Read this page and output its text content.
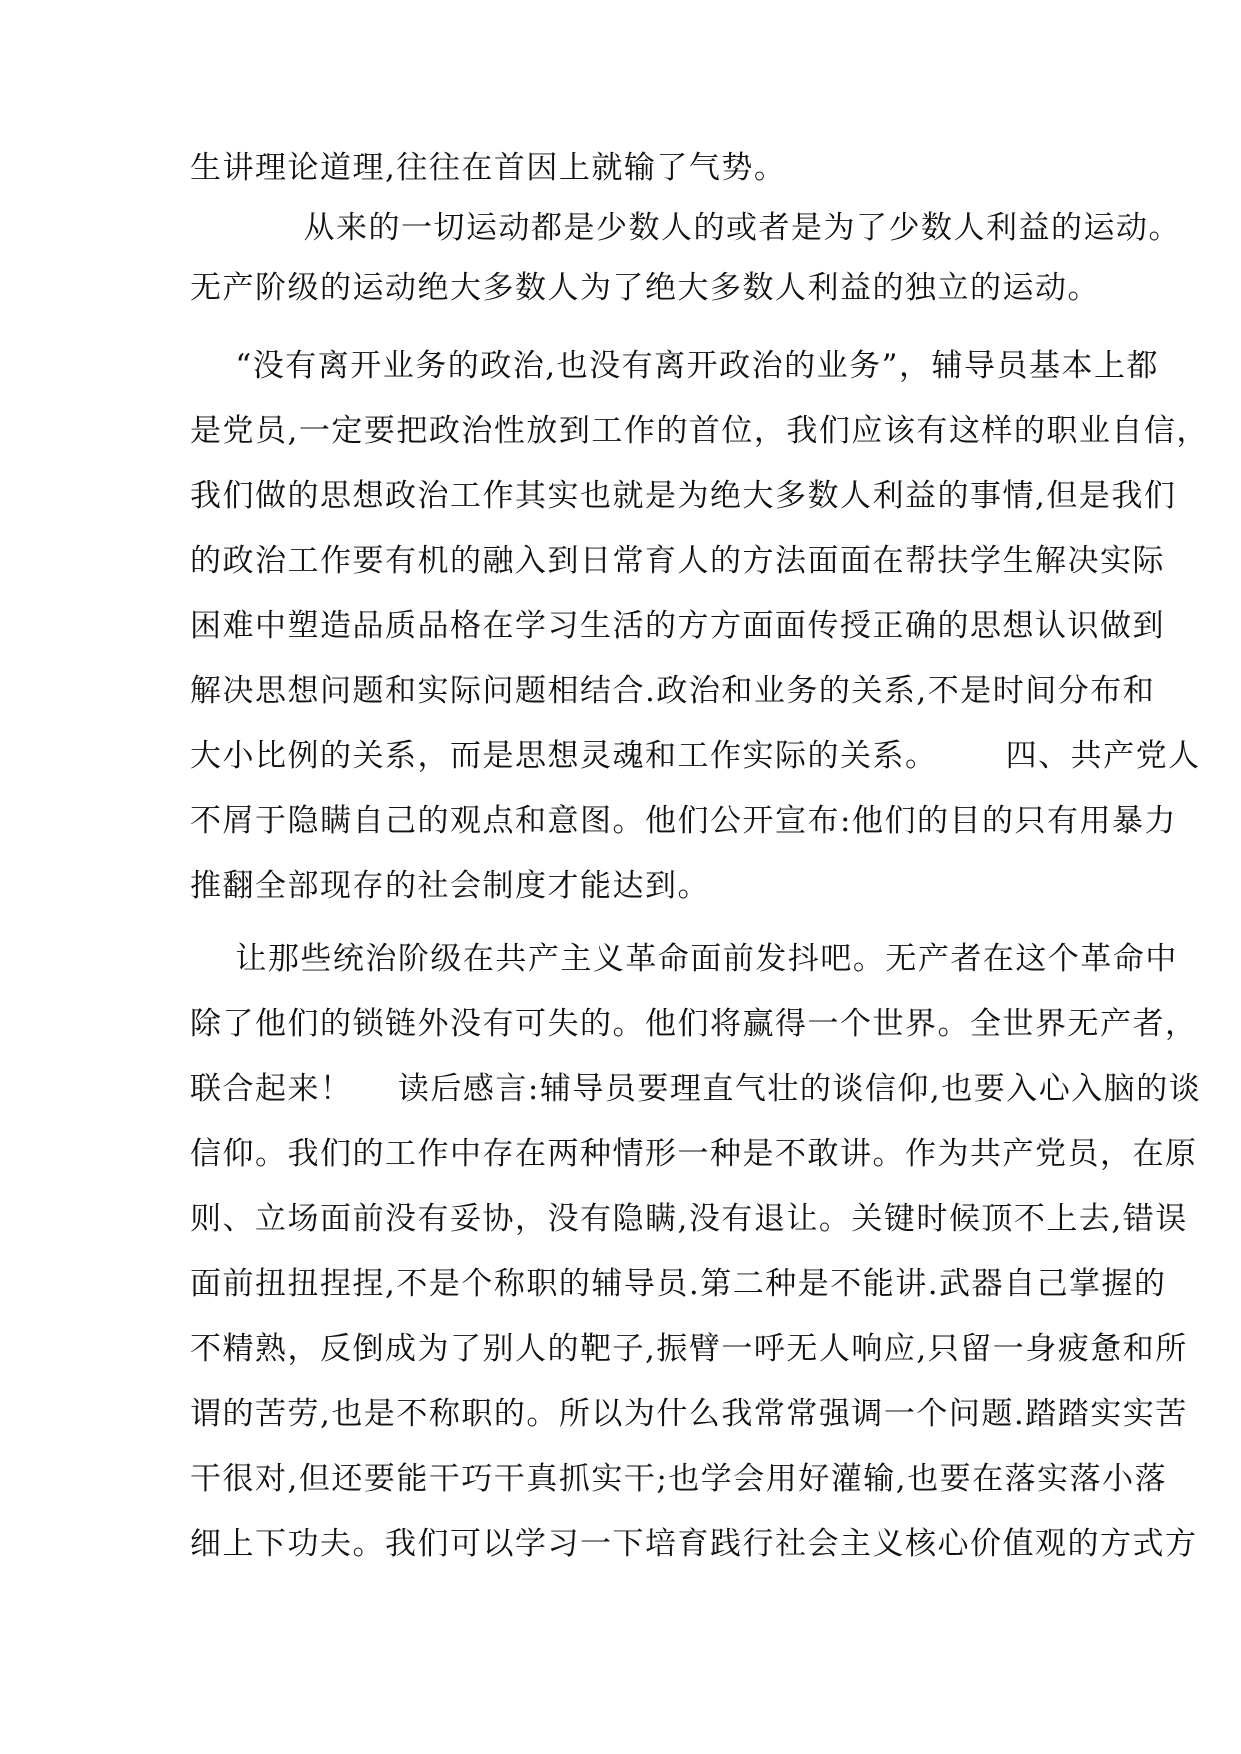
生讲理论道理,往往在首因上就输了气势。
从来的一切运动都是少数人的或者是为了少数人利益的运动。
无产阶级的运动绝大多数人为了绝大多数人利益的独立的运动。
“没有离开业务的政治,也没有离开政治的业务”，辅导员基本上都
是党员,一定要把政治性放到工作的首位，我们应该有这样的职业自信，
我们做的思想政治工作其实也就是为绝大多数人利益的事情,但是我们
的政治工作要有机的融入到日常育人的方法面面在帮扶学生解决实际
困难中塑造品质品格在学习生活的方方面面传授正确的思想认识做到
解决思想问题和实际问题相结合.政治和业务的关系,不是时间分布和
大小比例的关系，而是思想灵魂和工作实际的关系。      四、共产党人
不屑于隐瞒自己的观点和意图。他们公开宣布:他们的目的只有用暴力
推翻全部现存的社会制度才能达到。
让那些统治阶级在共产主义革命面前发抖吧。无产者在这个革命中
除了他们的锁链外没有可失的。他们将赢得一个世界。全世界无产者，
联合起来！    读后感言:辅导员要理直气壮的谈信仰,也要入心入脑的谈
信仰。我们的工作中存在两种情形一种是不敢讲。作为共产党员，在原
则、立场面前没有妥协，没有隐瞒,没有退让。关键时候顶不上去,错误
面前扭扭捏捏,不是个称职的辅导员.第二种是不能讲.武器自己掌握的
不精熟，反倒成为了别人的靶子,振臂一呼无人响应,只留一身疲惫和所
谓的苦劳,也是不称职的。所以为什么我常常强调一个问题.踏踏实实苦
干很对,但还要能干巧干真抓实干;也学会用好灌输,也要在落实落小落
细上下功夫。我们可以学习一下培育践行社会主义核心价值观的方式方
